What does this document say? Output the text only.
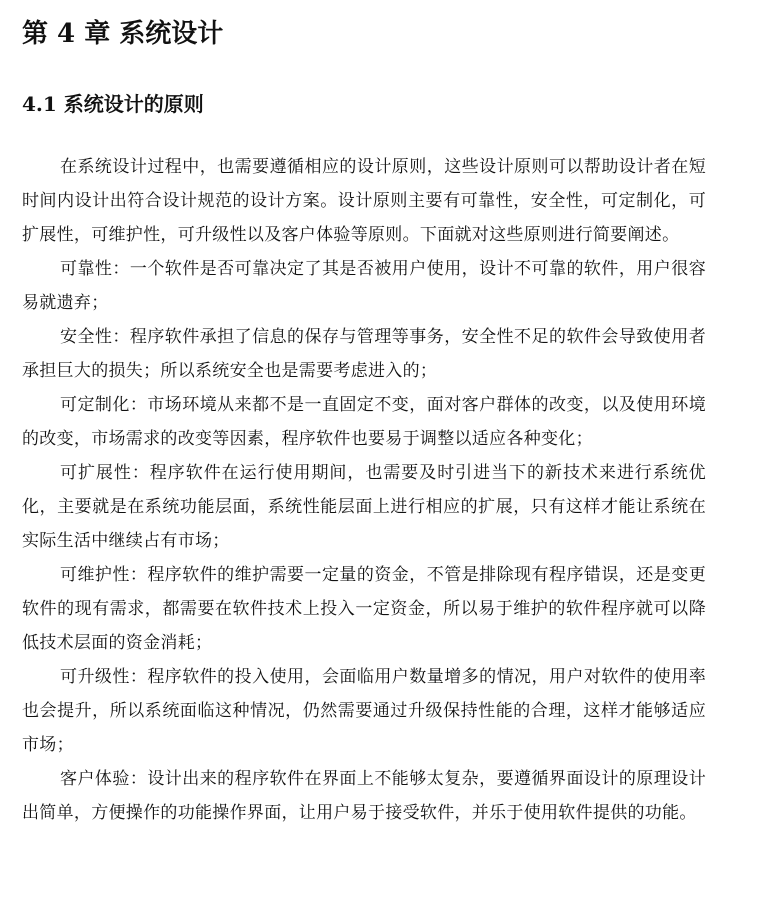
第 4 章 系统设计
4.1 系统设计的原则

在系统设计过程中，也需要遵循相应的设计原则，这些设计原则可以帮助设计者在短时间内设计出符合设计规范的设计方案。设计原则主要有可靠性，安全性，可定制化，可扩展性，可维护性，可升级性以及客户体验等原则。下面就对这些原则进行简要阐述。

可靠性：一个软件是否可靠决定了其是否被用户使用，设计不可靠的软件，用户很容易就遗弃；

安全性：程序软件承担了信息的保存与管理等事务，安全性不足的软件会导致使用者承担巨大的损失；所以系统安全也是需要考虑进入的；

可定制化：市场环境从来都不是一直固定不变，面对客户群体的改变，以及使用环境的改变，市场需求的改变等因素，程序软件也要易于调整以适应各种变化；

可扩展性：程序软件在运行使用期间，也需要及时引进当下的新技术来进行系统优化，主要就是在系统功能层面，系统性能层面上进行相应的扩展，只有这样才能让系统在实际生活中继续占有市场；

可维护性：程序软件的维护需要一定量的资金，不管是排除现有程序错误，还是变更软件的现有需求，都需要在软件技术上投入一定资金，所以易于维护的软件程序就可以降低技术层面的资金消耗；

可升级性：程序软件的投入使用，会面临用户数量增多的情况，用户对软件的使用率也会提升，所以系统面临这种情况，仍然需要通过升级保持性能的合理，这样才能够适应市场；

客户体验：设计出来的程序软件在界面上不能够太复杂，要遵循界面设计的原理设计出简单，方便操作的功能操作界面，让用户易于接受软件，并乐于使用软件提供的功能。
